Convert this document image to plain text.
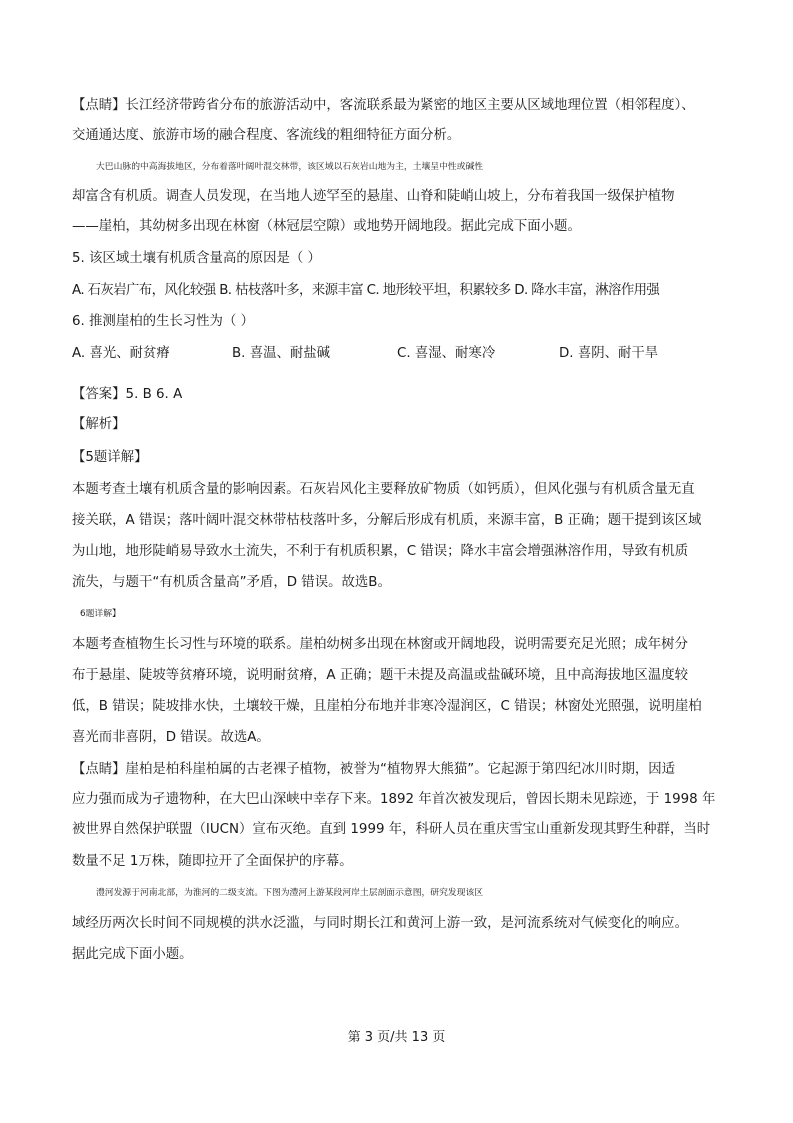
【点睛】长江经济带跨省分布的旅游活动中，客流联系最为紧密的地区主要从区域地理位置（相邻程度）、
交通通达度、旅游市场的融合程度、客流线的粗细特征方面分析。
大巴山脉的中高海拔地区，分布着落叶阔叶混交林带，该区域以石灰岩山地为主，土壤呈中性或碱性
却富含有机质。调查人员发现，在当地人迹罕至的悬崖、山脊和陡峭山坡上，分布着我国一级保护植物
——崖柏，其幼树多出现在林窗（林冠层空隙）或地势开阔地段。据此完成下面小题。
5. 该区域土壤有机质含量高的原因是（ ）
A. 石灰岩广布，风化较强 B. 枯枝落叶多，来源丰富 C. 地形较平坦，积累较多 D. 降水丰富，淋溶作用强
6. 推测崖柏的生长习性为（ ）
A. 喜光、耐贫瘠	B. 喜温、耐盐碱	C. 喜湿、耐寒冷	D. 喜阴、耐干旱
【答案】5. B 6. A
【解析】
【5题详解】
本题考查土壤有机质含量的影响因素。石灰岩风化主要释放矿物质（如钙质），但风化强与有机质含量无直
接关联，A 错误；落叶阔叶混交林带枯枝落叶多，分解后形成有机质，来源丰富，B 正确；题干提到该区域
为山地，地形陡峭易导致水土流失，不利于有机质积累，C 错误；降水丰富会增强淋溶作用，导致有机质
流失，与题干“有机质含量高”矛盾，D 错误。故选B。
6题详解】
本题考查植物生长习性与环境的联系。崖柏幼树多出现在林窗或开阔地段，说明需要充足光照；成年树分
布于悬崖、陡坡等贫瘠环境，说明耐贫瘠，A 正确；题干未提及高温或盐碱环境，且中高海拔地区温度较
低，B 错误；陡坡排水快，土壤较干燥，且崖柏分布地并非寒冷湿润区，C 错误；林窗处光照强，说明崖柏
喜光而非喜阴，D 错误。故选A。
【点睛】崖柏是柏科崖柏属的古老裸子植物，被誉为“植物界大熊猫”。它起源于第四纪冰川时期，因适
应力强而成为孑遗物种，在大巴山深峡中幸存下来。1892 年首次被发现后，曾因长期未见踪迹，于 1998 年
被世界自然保护联盟（IUCN）宣布灭绝。直到 1999 年，科研人员在重庆雪宝山重新发现其野生种群，当时
数量不足 1万株，随即拉开了全面保护的序幕。
澧河发源于河南北部，为淮河的二级支流。下图为澧河上游某段河岸土层剖面示意图，研究发现该区
域经历两次长时间不同规模的洪水泛滥，与同时期长江和黄河上游一致，是河流系统对气候变化的响应。
据此完成下面小题。
第 3 页/共 13 页
